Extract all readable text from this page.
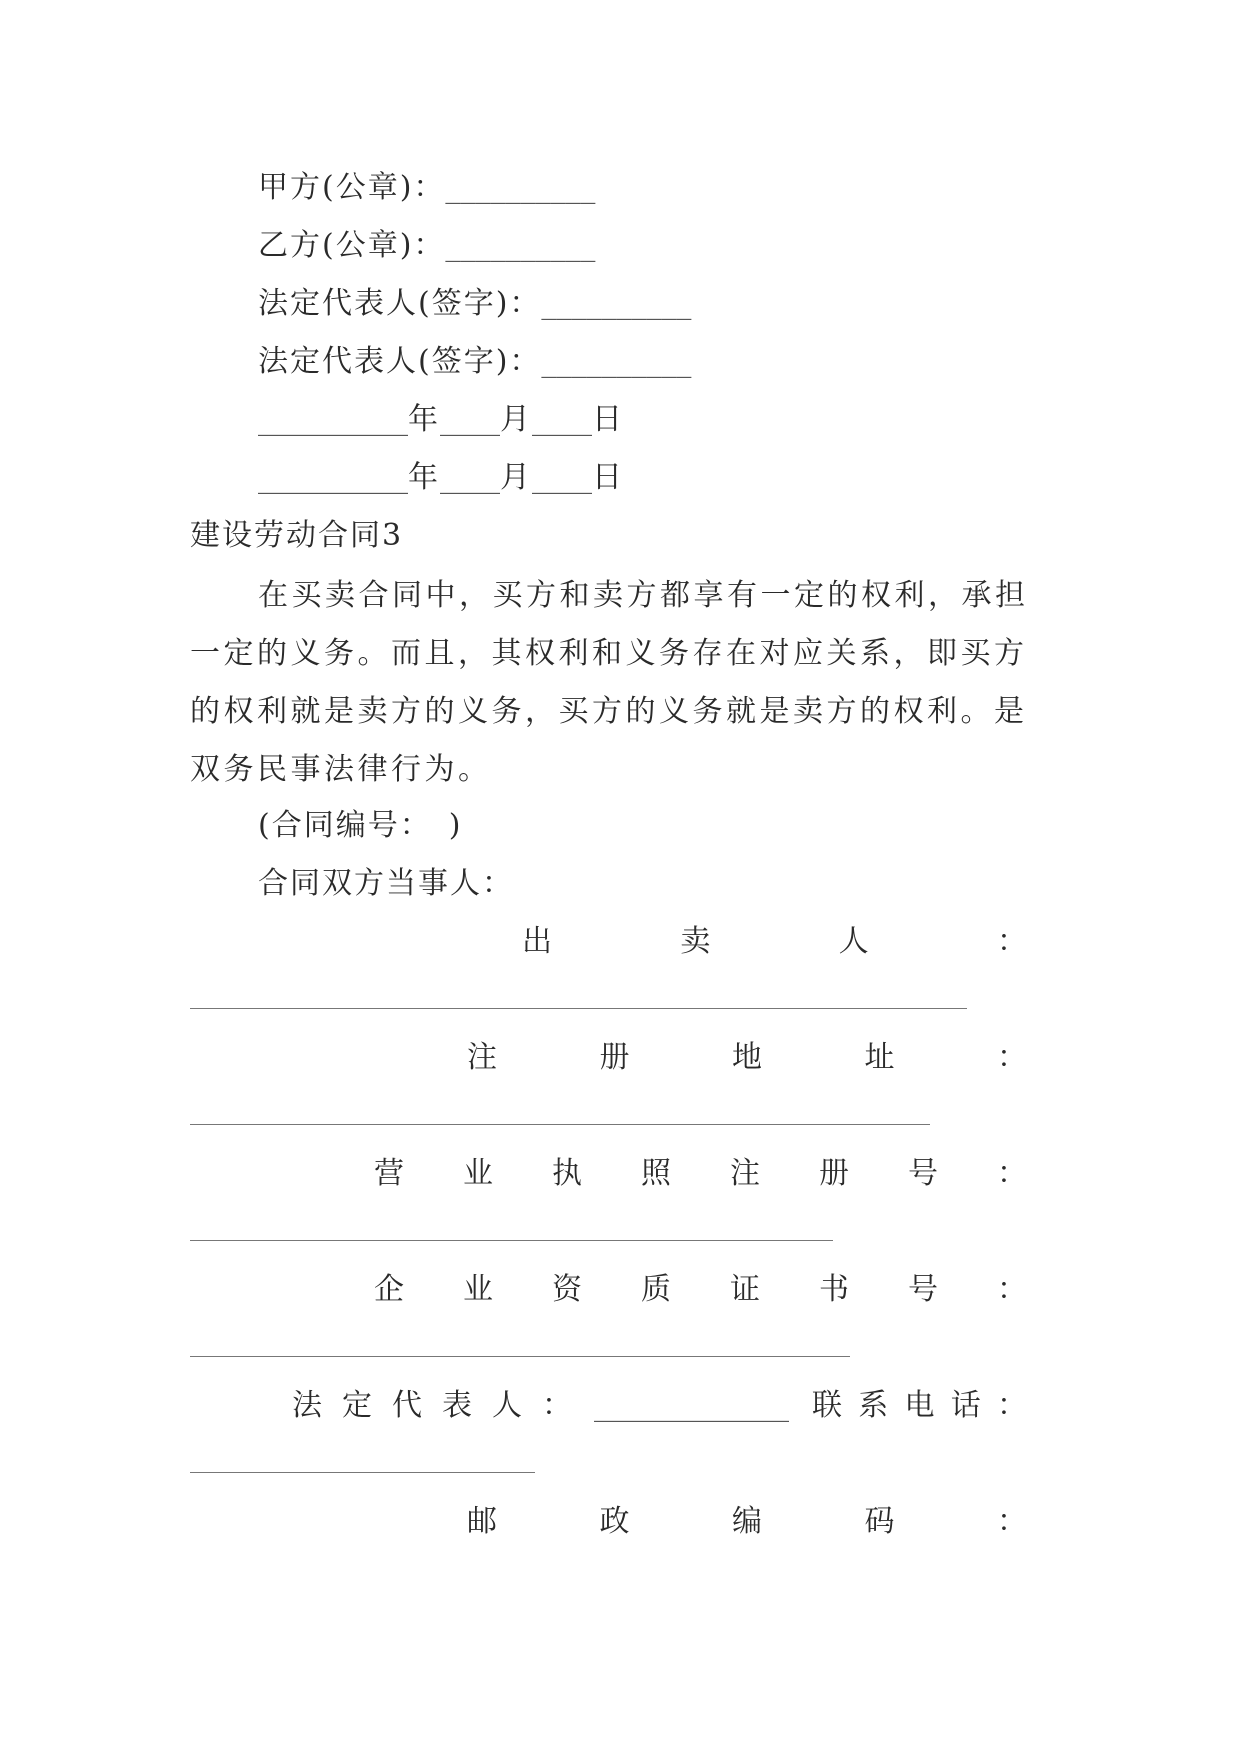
甲方(公章)：__________
乙方(公章)：__________
法定代表人(签字)：__________
法定代表人(签字)：__________
__________年____月____日
__________年____月____日
建设劳动合同3
在买卖合同中，买方和卖方都享有一定的权利，承担一定的义务。而且，其权利和义务存在对应关系，即买方的权利就是卖方的义务，买方的义务就是卖方的权利。是双务民事法律行为。
(合同编号：　)
合同双方当事人：
出	卖	人	：
注	册	地	址	：
营 业 执 照 注 册 号 ：
企 业 资 质 证 书 号 ：
法 定 代 表 人 ： _____________ 联 系 电 话 ：
邮	政	编	码	：
